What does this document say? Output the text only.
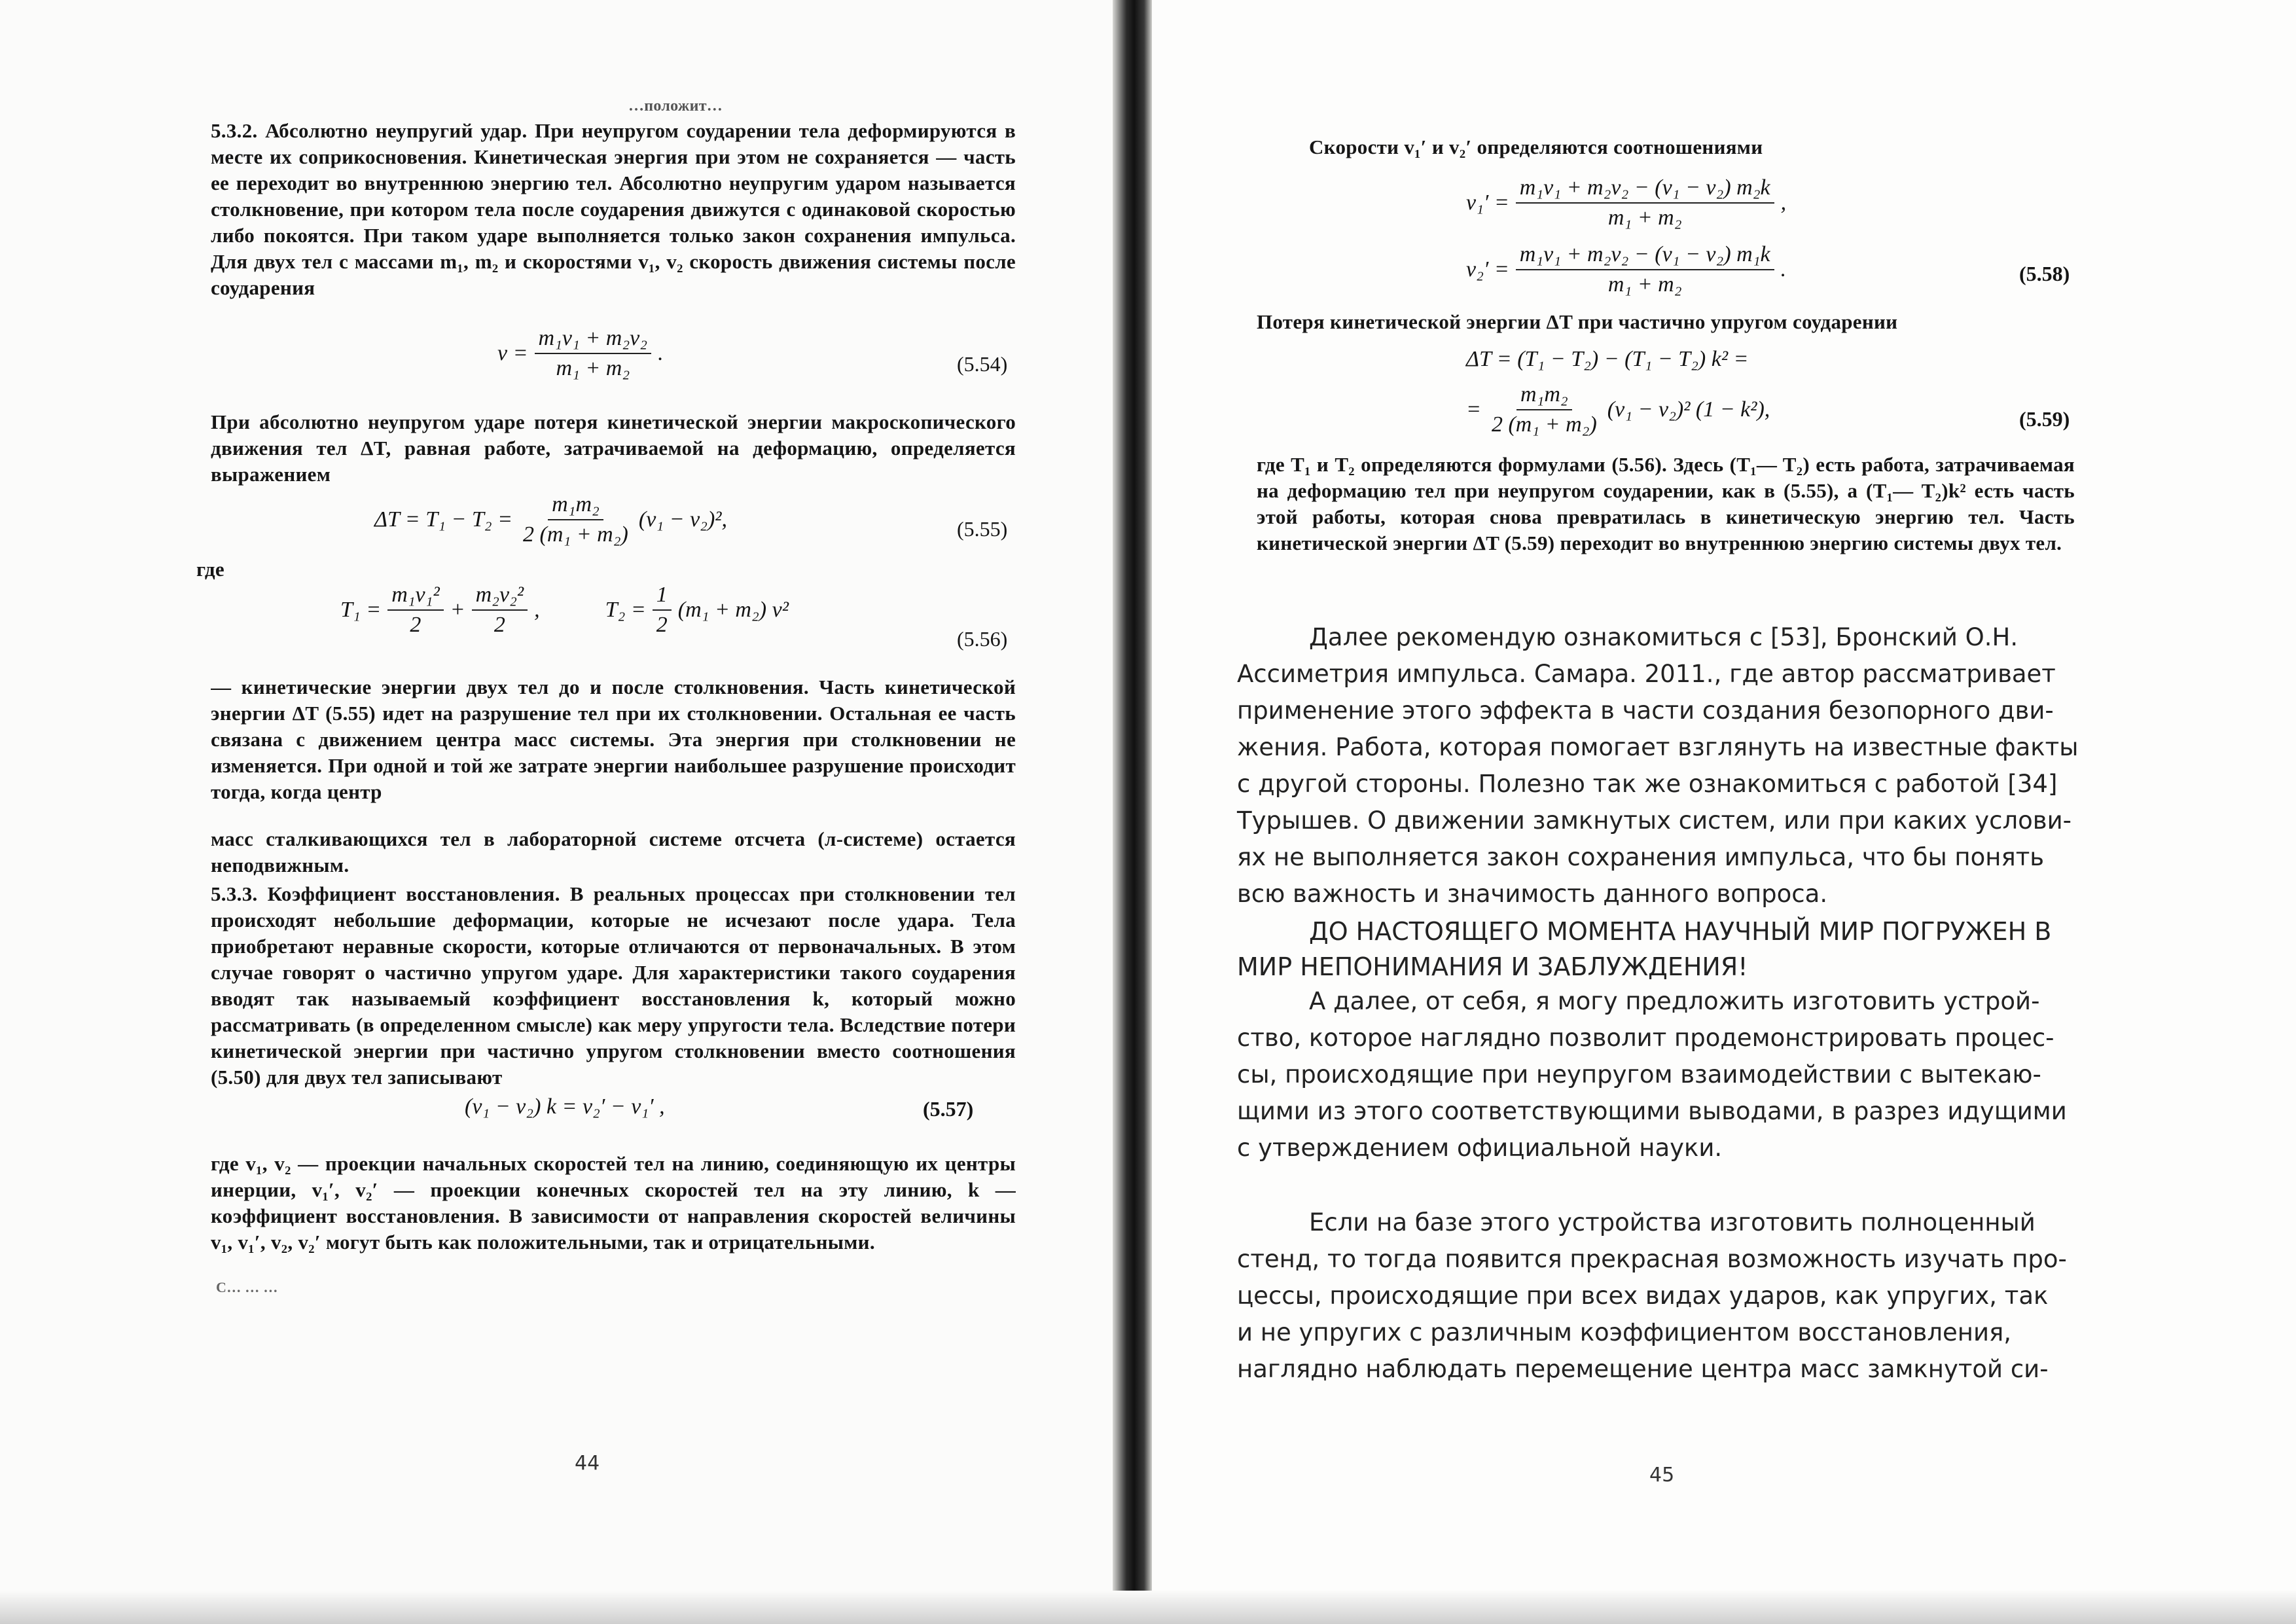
…положит…
5.3.2. Абсолютно неупругий удар. При неупругом соударении тела деформируются в месте их соприкосновения. Кинетическая энергия при этом не сохраняется — часть ее переходит во внутреннюю энергию тел. Абсолютно неупругим ударом называется столкновение, при котором тела после соударения движутся с одинаковой скоростью либо покоятся. При таком ударе выполняется только закон сохранения импульса. Для двух тел с массами m₁, m₂ и скоростями v₁, v₂ скорость движения системы после соударения
$v = \frac{\text{m₁v₁ + m₂v₂}}{\text{m₁ + m₂}}$ .	(5.54)
При абсолютно неупругом ударе потеря кинетической энергии макроскопического движения тел ΔT, равная работе, затрачиваемой на деформацию, определяется выражением
$\Delta T = T_1 - T_2 = \frac{\text{m₁m₂}}{\text{2 (m₁ + m₂)}} (v_1 - v_2)^2$,	(5.55)
где
$T_1 = \frac{\text{m₁v₁²}}{2} + \frac{\text{m₂v₂²}}{2}$ ,	$T_2 = \frac{1}{2} (m_1 + m_2)$ v²
(5.56)
— кинетические энергии двух тел до и после столкновения. Часть кинетической энергии ΔT (5.55) идет на разрушение тел при их столкновении. Остальная ее часть связана с движением центра масс системы. Эта энергия при столкновении не изменяется. При одной и той же затрате энергии наибольшее разрушение происходит тогда, когда центр
масс сталкивающихся тел в лабораторной системе отсчета (л-системе) остается неподвижным.
5.3.3. Коэффициент восстановления. В реальных процессах при столкновении тел происходят небольшие деформации, которые не исчезают после удара. Тела приобретают неравные скорости, которые отличаются от первоначальных. В этом случае говорят о частично упругом ударе. Для характеристики такого соударения вводят так называемый коэффициент восстановления k, который можно рассматривать (в определенном смысле) как меру упругости тела. Вследствие потери кинетической энергии при частично упругом столкновении вместо соотношения (5.50) для двух тел записывают
(v₁ − v₂) k = v₂′ − v₁′ ,	(5.57)
где v₁, v₂ — проекции начальных скоростей тел на линию, соединяющую их центры инерции, v₁′, v₂′ — проекции конечных скоростей тел на эту линию, k — коэффициент восстановления. В зависимости от направления скоростей величины v₁, v₁′, v₂, v₂′ могут быть как положительными, так и отрицательными.
С… … …
44
Скорости v₁′ и v₂′ определяются соотношениями
$v_1' = \frac{\text{m₁v₁ + m₂v₂ − (v₁ − v₂) m₂k}}{\text{m₁ + m₂}}$ ,
$v_2' = \frac{\text{m₁v₁ + m₂v₂ − (v₁ − v₂) m₁k}}{\text{m₁ + m₂}}$ .	(5.58)
Потеря кинетической энергии ΔT при частично упругом соударении
ΔT = (T₁ − T₂) − (T₁ − T₂) k² =
= $\frac{\text{m₁m₂}}{\text{2 (m₁ + m₂)}} (v_1 - v_2)^2$ (1 − k²),	(5.59)
где T₁ и T₂ определяются формулами (5.56). Здесь (T₁— T₂) есть работа, затрачиваемая на деформацию тел при неупругом соударении, как в (5.55), а (T₁— T₂)k² есть часть этой работы, которая снова превратилась в кинетическую энергию тел. Часть кинетической энергии ΔT (5.59) переходит во внутреннюю энергию системы двух тел.
Далее рекомендую ознакомиться с [53], Бронский О.Н.
Ассиметрия импульса. Самара. 2011., где автор рассматривает
применение этого эффекта в части создания безопорного дви-
жения. Работа, которая помогает взглянуть на известные факты
с другой стороны. Полезно так же ознакомиться с работой [34]
Турышев. О движении замкнутых систем, или при каких услови-
ях не выполняется закон сохранения импульса, что бы понять
всю важность и значимость данного вопроса.
ДО НАСТОЯЩЕГО МОМЕНТА НАУЧНЫЙ МИР ПОГРУЖЕН В
МИР НЕПОНИМАНИЯ И ЗАБЛУЖДЕНИЯ!
А далее, от себя, я могу предложить изготовить устрой-
ство, которое наглядно позволит продемонстрировать процес-
сы, происходящие при неупругом взаимодействии с вытекаю-
щими из этого соответствующими выводами, в разрез идущими
с утверждением официальной науки.
Если на базе этого устройства изготовить полноценный
стенд, то тогда появится прекрасная возможность изучать про-
цессы, происходящие при всех видах ударов, как упругих, так
и не упругих с различным коэффициентом восстановления,
наглядно наблюдать перемещение центра масс замкнутой си-
45
